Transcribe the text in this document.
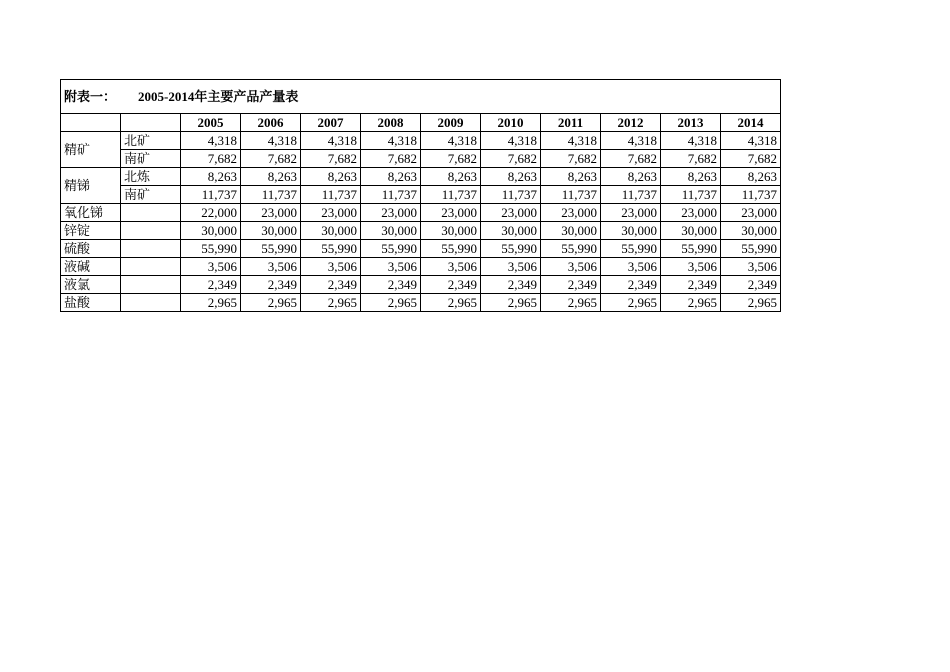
附表一： 2005-2014年主要产品产量表											
		2005	2006	2007	2008	2009	2010	2011	2012	2013	2014
精矿	北矿	4,318	4,318	4,318	4,318	4,318	4,318	4,318	4,318	4,318	4,318
	南矿	7,682	7,682	7,682	7,682	7,682	7,682	7,682	7,682	7,682	7,682
精锑	北炼	8,263	8,263	8,263	8,263	8,263	8,263	8,263	8,263	8,263	8,263
	南矿	11,737	11,737	11,737	11,737	11,737	11,737	11,737	11,737	11,737	11,737
氧化锑		22,000	23,000	23,000	23,000	23,000	23,000	23,000	23,000	23,000	23,000
锌锭		30,000	30,000	30,000	30,000	30,000	30,000	30,000	30,000	30,000	30,000
硫酸		55,990	55,990	55,990	55,990	55,990	55,990	55,990	55,990	55,990	55,990
液碱		3,506	3,506	3,506	3,506	3,506	3,506	3,506	3,506	3,506	3,506
液氯		2,349	2,349	2,349	2,349	2,349	2,349	2,349	2,349	2,349	2,349
盐酸		2,965	2,965	2,965	2,965	2,965	2,965	2,965	2,965	2,965	2,965
